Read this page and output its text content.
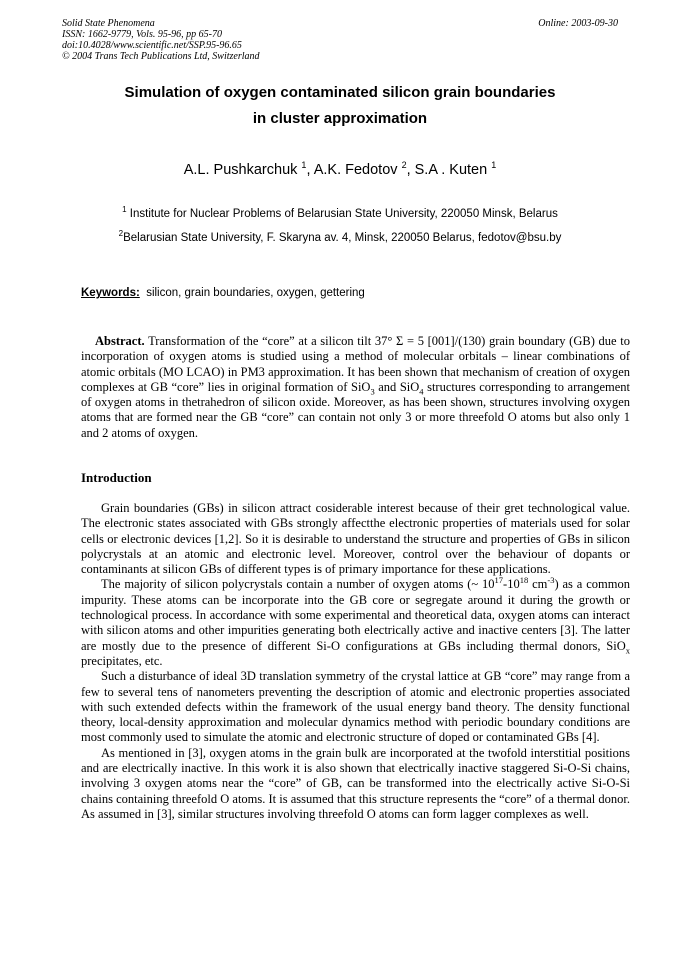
Solid State Phenomena
ISSN: 1662-9779, Vols. 95-96, pp 65-70
doi:10.4028/www.scientific.net/SSP.95-96.65
© 2004 Trans Tech Publications Ltd, Switzerland
Online: 2003-09-30
Simulation of oxygen contaminated silicon grain boundaries
in cluster approximation
A.L. Pushkarchuk $^1$, A.K. Fedotov $^2$, S.A . Kuten $^1$
$^1$ Institute for Nuclear Problems of Belarusian State University, 220050 Minsk, Belarus
$^2$Belarusian State University, F. Skaryna av. 4, Minsk, 220050 Belarus, fedotov@bsu.by
Keywords: silicon, grain boundaries, oxygen, gettering

Abstract. Transformation of the “core” at a silicon tilt 37° Σ = 5 [001]/(130) grain boundary (GB) due to incorporation of oxygen atoms is studied using a method of molecular orbitals – linear combinations of atomic orbitals (MO LCAO) in PM3 approximation. It has been shown that mechanism of creation of oxygen complexes at GB “core” lies in original formation of SiO$_3$ and SiO$_4$ structures corresponding to arrangement of oxygen atoms in thetrahedron of silicon oxide. Moreover, as has been shown, structures involving oxygen atoms that are formed near the GB “core” can contain not only 3 or more threefold O atoms but also only 1 and 2 atoms of oxygen.

Introduction

Grain boundaries (GBs) in silicon attract cosiderable interest because of their gret technological value. The electronic states associated with GBs strongly affectthe electronic properties of materials used for solar cells or electronic devices [1,2]. So it is desirable to understand the structure and properties of GBs in silicon polycrystals at an atomic and electronic level. Moreover, control over the behaviour of dopants or contaminants at silicon GBs of different types is of primary importance for these applications.

The majority of silicon polycrystals contain a number of oxygen atoms (~ $10^{17}-10^{18}$ $cm^{-3}$) as a common impurity. These atoms can be incorporate into the GB core or segregate around it during the growth or technological process. In accordance with some experimental and theoretical data, oxygen atoms can interact with silicon atoms and other impurities generating both electrically active and inactive centers [3]. The latter are mostly due to the presence of different Si-O configurations at GBs including thermal donors, SiO$_x$ precipitates, etc.

Such a disturbance of ideal 3D translation symmetry of the crystal lattice at GB “core” may range from a few to several tens of nanometers preventing the description of atomic and electronic properties associated with such extended defects within the framework of the usual energy band theory. The density functional theory, local-density approximation and molecular dynamics method with periodic boundary conditions are most commonly used to simulate the atomic and electronic structure of doped or contaminated GBs [4].

As mentioned in [3], oxygen atoms in the grain bulk are incorporated at the twofold interstitial positions and are electrically inactive. In this work it is also shown that electrically inactive staggered Si-O-Si chains, involving 3 oxygen atoms near the “core” of GB, can be transformed into the electrically active Si-O-Si chains containing threefold O atoms. It is assumed that this structure represents the “core” of a thermal donor. As assumed in [3], similar structures involving threefold O atoms can form lagger complexes as well.
